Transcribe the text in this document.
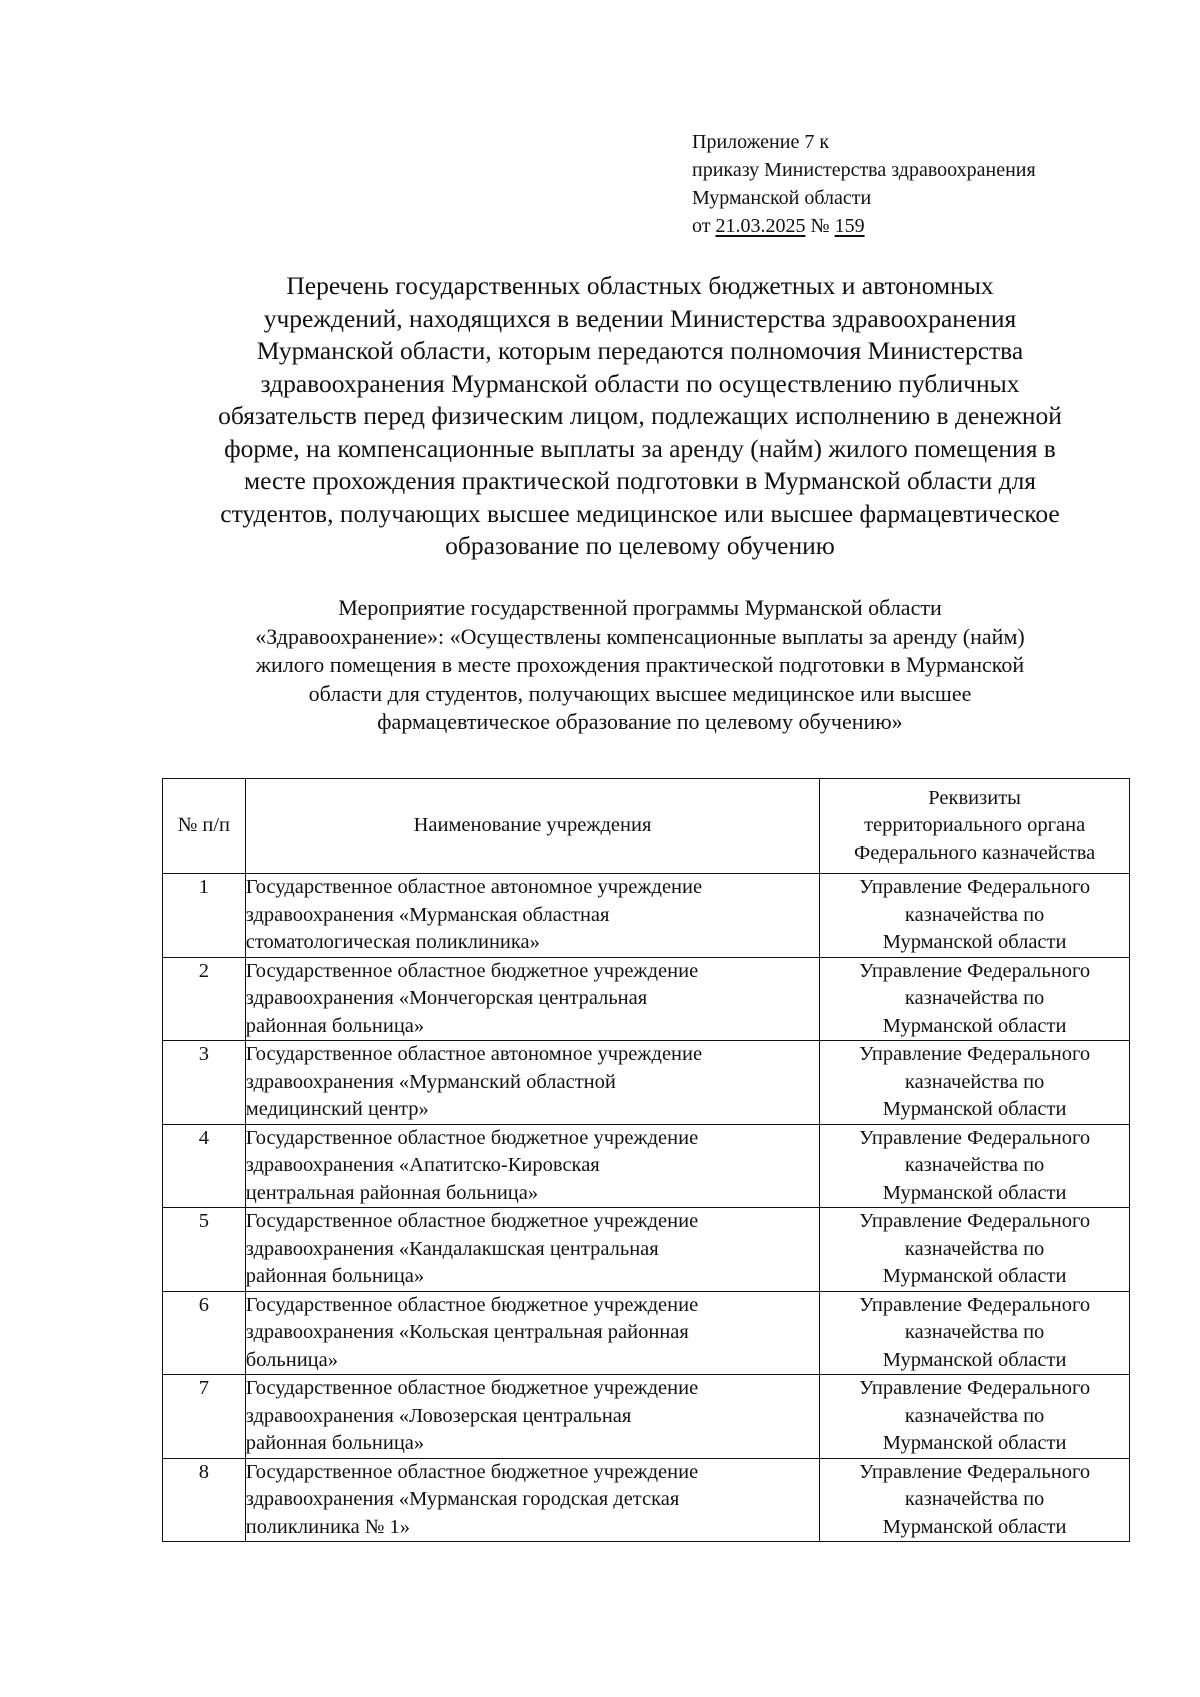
Приложение 7 к
приказу Министерства здравоохранения
Мурманской области
от 21.03.2025 № 159
Перечень государственных областных бюджетных и автономных
учреждений, находящихся в ведении Министерства здравоохранения
Мурманской области, которым передаются полномочия Министерства
здравоохранения Мурманской области по осуществлению публичных
обязательств перед физическим лицом, подлежащих исполнению в денежной
форме, на компенсационные выплаты за аренду (найм) жилого помещения в
месте прохождения практической подготовки в Мурманской области для
студентов, получающих высшее медицинское или высшее фармацевтическое
образование по целевому обучению
Мероприятие государственной программы Мурманской области
«Здравоохранение»: «Осуществлены компенсационные выплаты за аренду (найм)
жилого помещения в месте прохождения практической подготовки в Мурманской
области для студентов, получающих высшее медицинское или высшее
фармацевтическое образование по целевому обучению»
№ п/п	Наименование учреждения	Реквизиты
территориального органа
Федерального казначейства

1	Государственное областное автономное учреждение
здравоохранения «Мурманская областная
стоматологическая поликлиника»	Управление Федерального
казначейства по
Мурманской области

2	Государственное областное бюджетное учреждение
здравоохранения «Мончегорская центральная
районная больница»	Управление Федерального
казначейства по
Мурманской области

3	Государственное областное автономное учреждение
здравоохранения «Мурманский областной
медицинский центр»	Управление Федерального
казначейства по
Мурманской области

4	Государственное областное бюджетное учреждение
здравоохранения «Апатитско-Кировская
центральная районная больница»	Управление Федерального
казначейства по
Мурманской области

5	Государственное областное бюджетное учреждение
здравоохранения «Кандалакшская центральная
районная больница»	Управление Федерального
казначейства по
Мурманской области

6	Государственное областное бюджетное учреждение
здравоохранения «Кольская центральная районная
больница»	Управление Федерального
казначейства по
Мурманской области

7	Государственное областное бюджетное учреждение
здравоохранения «Ловозерская центральная
районная больница»	Управление Федерального
казначейства по
Мурманской области

8	Государственное областное бюджетное учреждение
здравоохранения «Мурманская городская детская
поликлиника № 1»	Управление Федерального
казначейства по
Мурманской области
